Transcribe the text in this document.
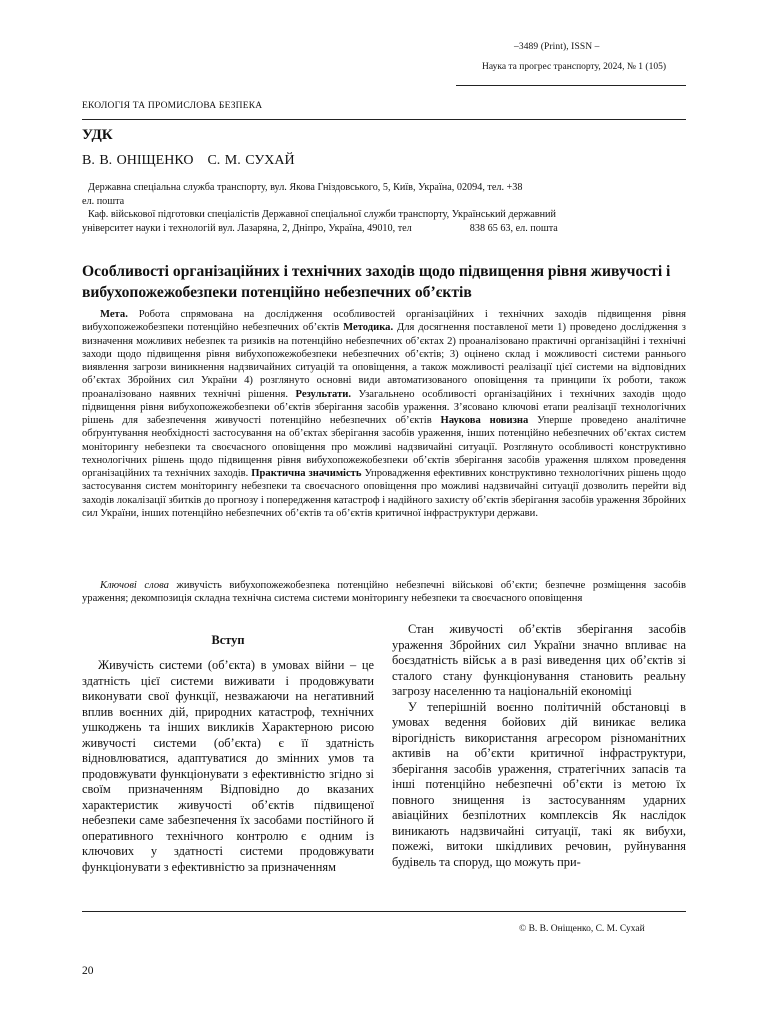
–3489 (Print), ISSN –
Наука та прогрес транспорту, 2024, № 1 (105)
ЕКОЛОГІЯ ТА ПРОМИСЛОВА БЕЗПЕКА
УДК
В. В. ОНІЩЕНКО С. М. СУХАЙ
Державна спеціальна служба транспорту, вул. Якова Гніздовського, 5, Київ, Україна, 02094, тел. +38
ел. пошта
Каф. військової підготовки спеціалістів Державної спеціальної служби транспорту, Український державний
університет науки і технологій вул. Лазаряна, 2, Дніпро, Україна, 49010, тел	838 65 63, ел. пошта
Особливості організаційних і технічних заходів щодо підвищення рівня живучості і вибухопожежобезпеки потенційно небезпечних об’єктів
Мета. Робота спрямована на дослідження особливостей організаційних і технічних заходів підвищення рівня вибухопожежобезпеки потенційно небезпечних об’єктів Методика. Для досягнення поставленої мети 1) проведено дослідження з визначення можливих небезпек та ризиків на потенційно небезпечних об’єктах 2) проаналізовано практичні організаційні і технічні заходи щодо підвищення рівня вибухопожежобезпеки небезпечних об’єктів; 3) оцінено склад і можливості системи раннього виявлення загрози виникнення надзвичайних ситуацій та оповіщення, а також можливості реалізації цієї системи на відповідних об’єктах Збройних сил України 4) розглянуто основні види автоматизованого оповіщення та принципи їх роботи, також проаналізовано наявних технічні рішення. Результати. Узагальнено особливості організаційних і технічних заходів щодо підвищення рівня вибухопожежобезпеки об’єктів зберігання засобів ураження. З’ясовано ключові етапи реалізації технологічних рішень для забезпечення живучості потенційно небезпечних об’єктів Наукова новизна Уперше проведено аналітичне обґрунтування необхідності застосування на об’єктах зберігання засобів ураження, інших потенційно небезпечних об’єктах систем моніторингу небезпеки та своєчасного оповіщення про можливі надзвичайні ситуації. Розглянуто особливості конструктивно технологічних рішень щодо підвищення рівня вибухопожежобезпеки об’єктів зберігання засобів ураження шляхом проведення організаційних та технічних заходів. Практична значимість Упровадження ефективних конструктивно технологічних рішень щодо застосування систем моніторингу небезпеки та своєчасного оповіщення про можливі надзвичайні ситуації дозволить перейти від заходів локалізації збитків до прогнозу і попередження катастроф і надійного захисту об’єктів зберігання засобів ураження Збройних сил України, інших потенційно небезпечних об’єктів та об’єктів критичної інфраструктури держави.
Ключові слова живучість вибухопожежобезпека потенційно небезпечні військові об’єкти; безпечне розміщення засобів ураження; декомпозиція складна технічна система системи моніторингу небезпеки та своєчасного оповіщення
Вступ
Живучість системи (об’єкта) в умовах війни – це здатність цієї системи виживати і продовжувати виконувати свої функції, незважаючи на негативний вплив воєнних дій, природних катастроф, технічних ушкоджень та інших викликів Характерною рисою живучості системи (об’єкта) є її здатність відновлюватися, адаптуватися до змінних умов та продовжувати функціонувати з ефективністю згідно зі своїм призначенням Відповідно до вказаних характеристик живучості об’єктів підвищеної небезпеки саме забезпечення їх засобами постійного й оперативного технічного контролю є одним із ключових у здатності системи продовжувати функціонувати з ефективністю за призначенням

Стан живучості об’єктів зберігання засобів ураження Збройних сил України значно впливає на боєздатність військ а в разі виведення цих об’єктів зі сталого стану функціонування становить реальну загрозу населенню та національній економіці

У теперішній воєнно політичній обстановці в умовах ведення бойових дій виникає велика вірогідність використання агресором різноманітних активів на об’єкти критичної інфраструктури, зберігання засобів ураження, стратегічних запасів та інші потенційно небезпечні об’єкти із метою їх повного знищення із застосуванням ударних авіаційних безпілотних комплексів Як наслідок виникають надзвичайні ситуації, такі як вибухи, пожежі, витоки шкідливих речовин, руйнування будівель та споруд, що можуть при-

© В. В. Оніщенко, С. М. Сухай
20
